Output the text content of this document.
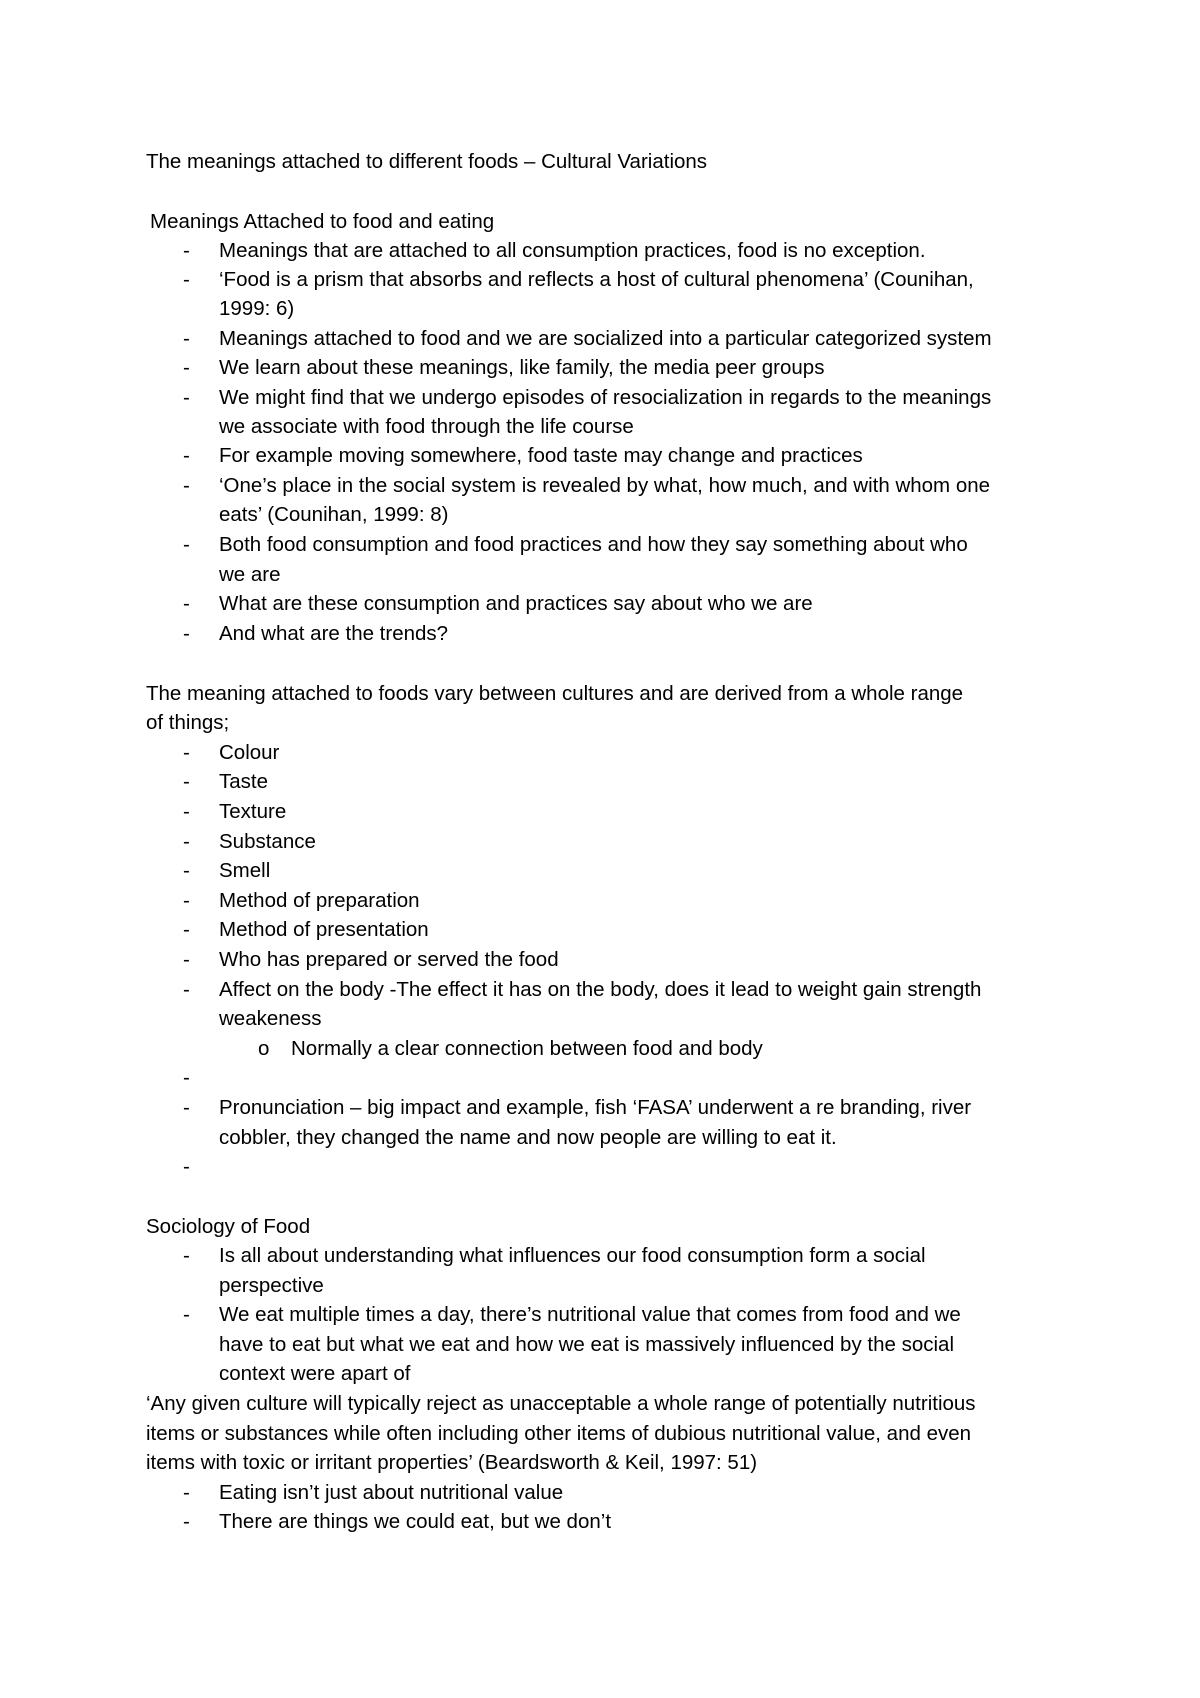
The meanings attached to different foods – Cultural Variations
Meanings Attached to food and eating
-	Meanings that are attached to all consumption practices, food is no exception.
-	‘Food is a prism that absorbs and reflects a host of cultural phenomena’ (Counihan,
1999: 6)
-	Meanings attached to food and we are socialized into a particular categorized system
-	We learn about these meanings, like family, the media peer groups
-	We might find that we undergo episodes of resocialization in regards to the meanings
we associate with food through the life course
-	For example moving somewhere, food taste may change and practices
-	‘One’s place in the social system is revealed by what, how much, and with whom one
eats’ (Counihan, 1999: 8)
-	Both food consumption and food practices and how they say something about who
we are
-	What are these consumption and practices say about who we are
-	And what are the trends?
The meaning attached to foods vary between cultures and are derived from a whole range
of things;
-	Colour
-	Taste
-	Texture
-	Substance
-	Smell
-	Method of preparation
-	Method of presentation
-	Who has prepared or served the food
-	Affect on the body -The effect it has on the body, does it lead to weight gain strength
weakeness
o Normally a clear connection between food and body
-
-	Pronunciation – big impact and example, fish ‘FASA’ underwent a re branding, river
cobbler, they changed the name and now people are willing to eat it.
-
Sociology of Food
-	Is all about understanding what influences our food consumption form a social
perspective
-	We eat multiple times a day, there’s nutritional value that comes from food and we
have to eat but what we eat and how we eat is massively influenced by the social
context were apart of
‘Any given culture will typically reject as unacceptable a whole range of potentially nutritious
items or substances while often including other items of dubious nutritional value, and even
items with toxic or irritant properties’ (Beardsworth & Keil, 1997: 51)
-	Eating isn’t just about nutritional value
-	There are things we could eat, but we don’t
